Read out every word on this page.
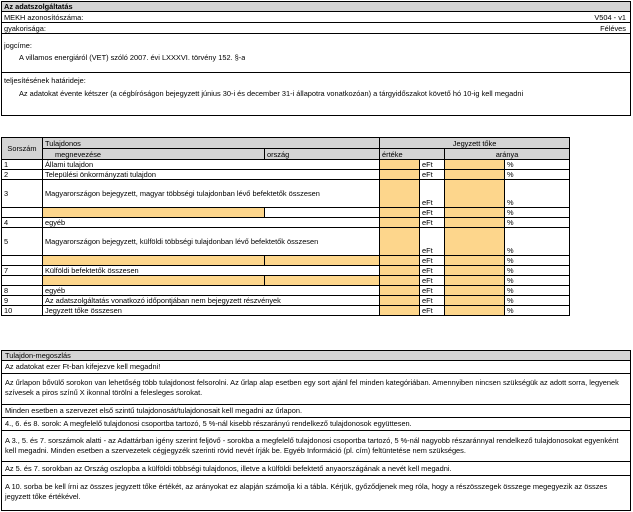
Az adatszolgáltatás
MEKH azonosítószáma:	V504 - v1
gyakorisága:	Féléves
jogcíme:
A villamos energiáról (VET) szóló 2007. évi LXXXVI. törvény 152. §-a
teljesítésének határideje:
Az adatokat évente kétszer (a cégbíróságon bejegyzett június 30-i és december 31-i állapotra vonatkozóan) a tárgyidőszakot követő hó 10-ig kell megadni
Sorszám	Tulajdonos		Jegyzett tőke			
	megnevezése	ország	értéke		aránya	
1	Állami tulajdon			eFt		%
2	Települési önkormányzati tulajdon			eFt		%
3	Magyarországon bejegyzett, magyar többségi tulajdonban lévő befektetők összesen			eFt		%
				eFt		%
4	egyéb			eFt		%
5	Magyarországon bejegyzett, külföldi többségi tulajdonban lévő befektetők összesen			eFt		%
				eFt		%
7	Külföldi befektetők összesen			eFt		%
				eFt		%
8	egyéb			eFt		%
9	Az adatszolgáltatás vonatkozó időpontjában nem bejegyzett részvények			eFt		%
10	Jegyzett tőke összesen			eFt		%
Tulajdon-megoszlás
Az adatokat ezer Ft-ban kifejezve kell megadni!
Az űrlapon bővülő sorokon van lehetőség több tulajdonost felsorolni. Az űrlap alap esetben egy sort ajánl fel minden kategóriában. Amennyiben nincsen szükségük az adott sorra, legyenek szívesek a piros színű X ikonnal törölni a felesleges sorokat.
Minden esetben a szervezet első szintű tulajdonosát/tulajdonosait kell megadni az űrlapon.
4., 6. és 8. sorok: A megfelelő tulajdonosi csoportba tartozó, 5 %-nál kisebb részarányú rendelkező tulajdonosok együttesen.
A 3., 5. és 7. sorszámok alatti - az Adattárban igény szerint feljövő - sorokba a megfelelő tulajdonosi csoportba tartozó, 5 %-nál nagyobb részaránnyal rendelkező tulajdonosokat egyenként kell megadni. Minden esetben a szervezetek cégjegyzék szerinti rövid nevét írják be. Egyéb Információ (pl. cím) feltüntetése nem szükséges.
Az 5. és 7. sorokban az Ország oszlopba a külföldi többségi tulajdonos, illetve a külföldi befektető anyaországának a nevét kell megadni.
A 10. sorba be kell írni az összes jegyzett tőke értékét, az arányokat ez alapján számolja ki a tábla. Kérjük, győződjenek meg róla, hogy a részösszegek összege megegyezik az összes jegyzett tőke értékével.
